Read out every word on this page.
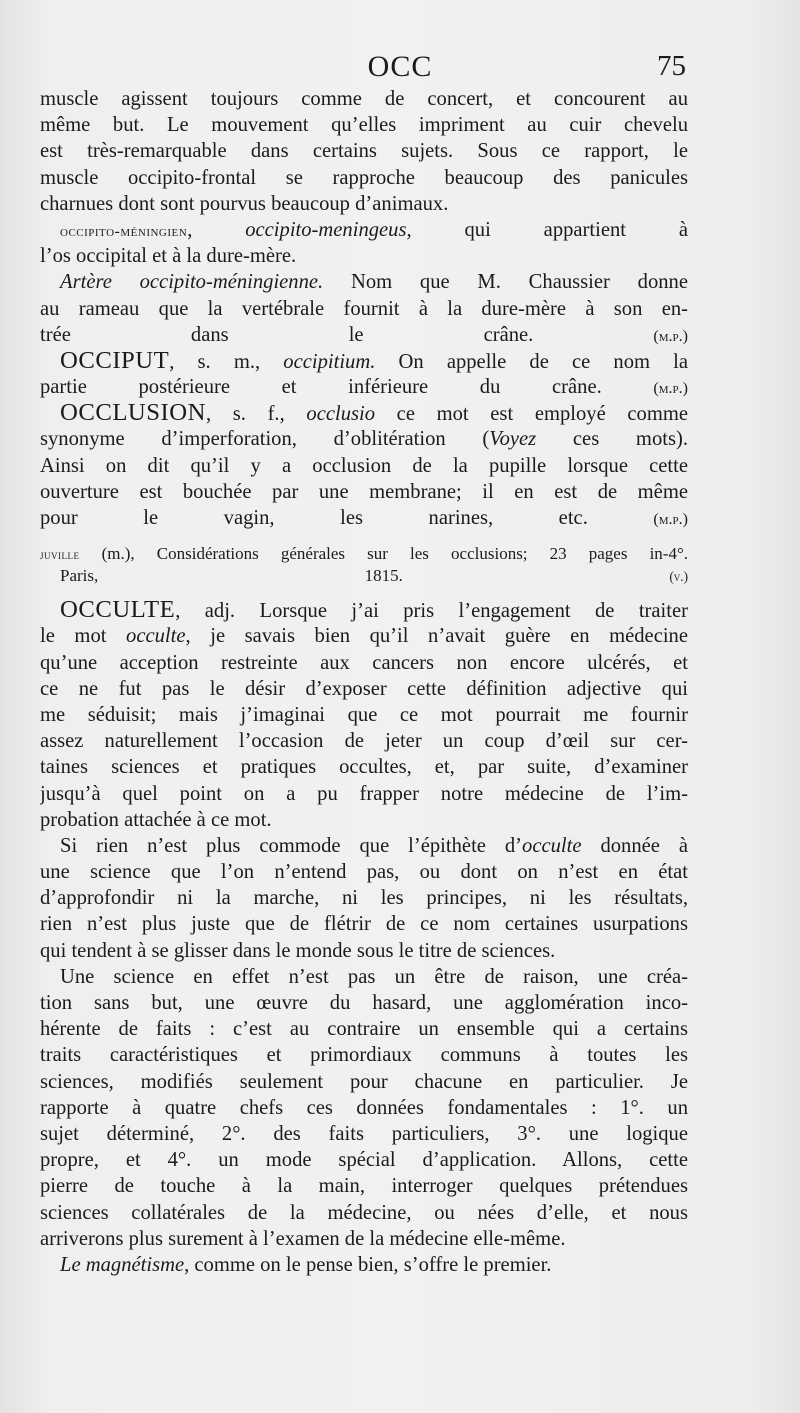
OCC	75
muscle agissent toujours comme de concert, et concourent au
même but. Le mouvement qu’elles impriment au cuir chevelu
est très-remarquable dans certains sujets. Sous ce rapport, le
muscle occipito-frontal se rapproche beaucoup des panicules
charnues dont sont pourvus beaucoup d’animaux.
occipito-méningien, occipito-meningeus, qui appartient à
l’os occipital et à la dure-mère.
Artère occipito-méningienne. Nom que M. Chaussier donne
au rameau que la vertébrale fournit à la dure-mère à son en-
trée dans le crâne.	(m.p.)
OCCIPUT, s. m., occipitium. On appelle de ce nom la
partie postérieure et inférieure du crâne.	(m.p.)
OCCLUSION, s. f., occlusio ce mot est employé comme
synonyme d’imperforation, d’oblitération (Voyez ces mots).
Ainsi on dit qu’il y a occlusion de la pupille lorsque cette
ouverture est bouchée par une membrane; il en est de même
pour le vagin, les narines, etc.	(m.p.)
juville (m.), Considérations générales sur les occlusions; 23 pages in-4°.
Paris, 1815.	(v.)
OCCULTE, adj. Lorsque j’ai pris l’engagement de traiter
le mot occulte, je savais bien qu’il n’avait guère en médecine
qu’une acception restreinte aux cancers non encore ulcérés, et
ce ne fut pas le désir d’exposer cette définition adjective qui
me séduisit; mais j’imaginai que ce mot pourrait me fournir
assez naturellement l’occasion de jeter un coup d’œil sur cer-
taines sciences et pratiques occultes, et, par suite, d’examiner
jusqu’à quel point on a pu frapper notre médecine de l’im-
probation attachée à ce mot.
Si rien n’est plus commode que l’épithète d’occulte donnée à
une science que l’on n’entend pas, ou dont on n’est en état
d’approfondir ni la marche, ni les principes, ni les résultats,
rien n’est plus juste que de flétrir de ce nom certaines usurpations
qui tendent à se glisser dans le monde sous le titre de sciences.
Une science en effet n’est pas un être de raison, une créa-
tion sans but, une œuvre du hasard, une agglomération inco-
hérente de faits : c’est au contraire un ensemble qui a certains
traits caractéristiques et primordiaux communs à toutes les
sciences, modifiés seulement pour chacune en particulier. Je
rapporte à quatre chefs ces données fondamentales : 1°. un
sujet déterminé, 2°. des faits particuliers, 3°. une logique
propre, et 4°. un mode spécial d’application. Allons, cette
pierre de touche à la main, interroger quelques prétendues
sciences collatérales de la médecine, ou nées d’elle, et nous
arriverons plus surement à l’examen de la médecine elle-même.
Le magnétisme, comme on le pense bien, s’offre le premier.
